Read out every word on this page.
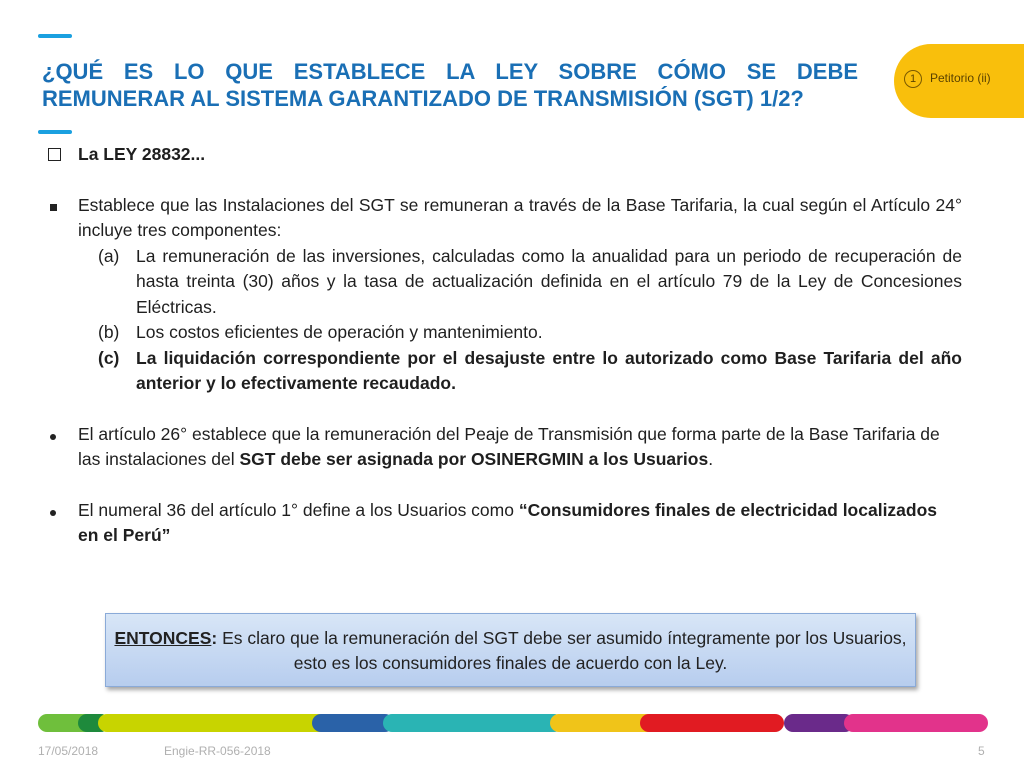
¿QUÉ ES LO QUE ESTABLECE LA LEY SOBRE CÓMO SE DEBE
REMUNERAR AL SISTEMA GARANTIZADO DE TRANSMISIÓN (SGT) 1/2?
1	Petitorio (ii)
La LEY 28832...
Establece que las Instalaciones del SGT se remuneran a través de la Base Tarifaria, la cual según el Artículo 24° incluye tres componentes:
(a) La remuneración de las inversiones, calculadas como la anualidad para un periodo de recuperación de hasta treinta (30) años y la tasa de actualización definida en el artículo 79 de la Ley de Concesiones Eléctricas.
(b) Los costos eficientes de operación y mantenimiento.
(c) La liquidación correspondiente por el desajuste entre lo autorizado como Base Tarifaria del año anterior y lo efectivamente recaudado.
El artículo 26° establece que la remuneración del Peaje de Transmisión que forma parte de la Base Tarifaria de las instalaciones del SGT debe ser asignada por OSINERGMIN a los Usuarios.
El numeral 36 del artículo 1° define a los Usuarios como “Consumidores finales de electricidad localizados en el Perú”
ENTONCES: Es claro que la remuneración del SGT debe ser asumido íntegramente por los Usuarios, esto es los consumidores finales de acuerdo con la Ley.
17/05/2018	Engie-RR-056-2018	5
